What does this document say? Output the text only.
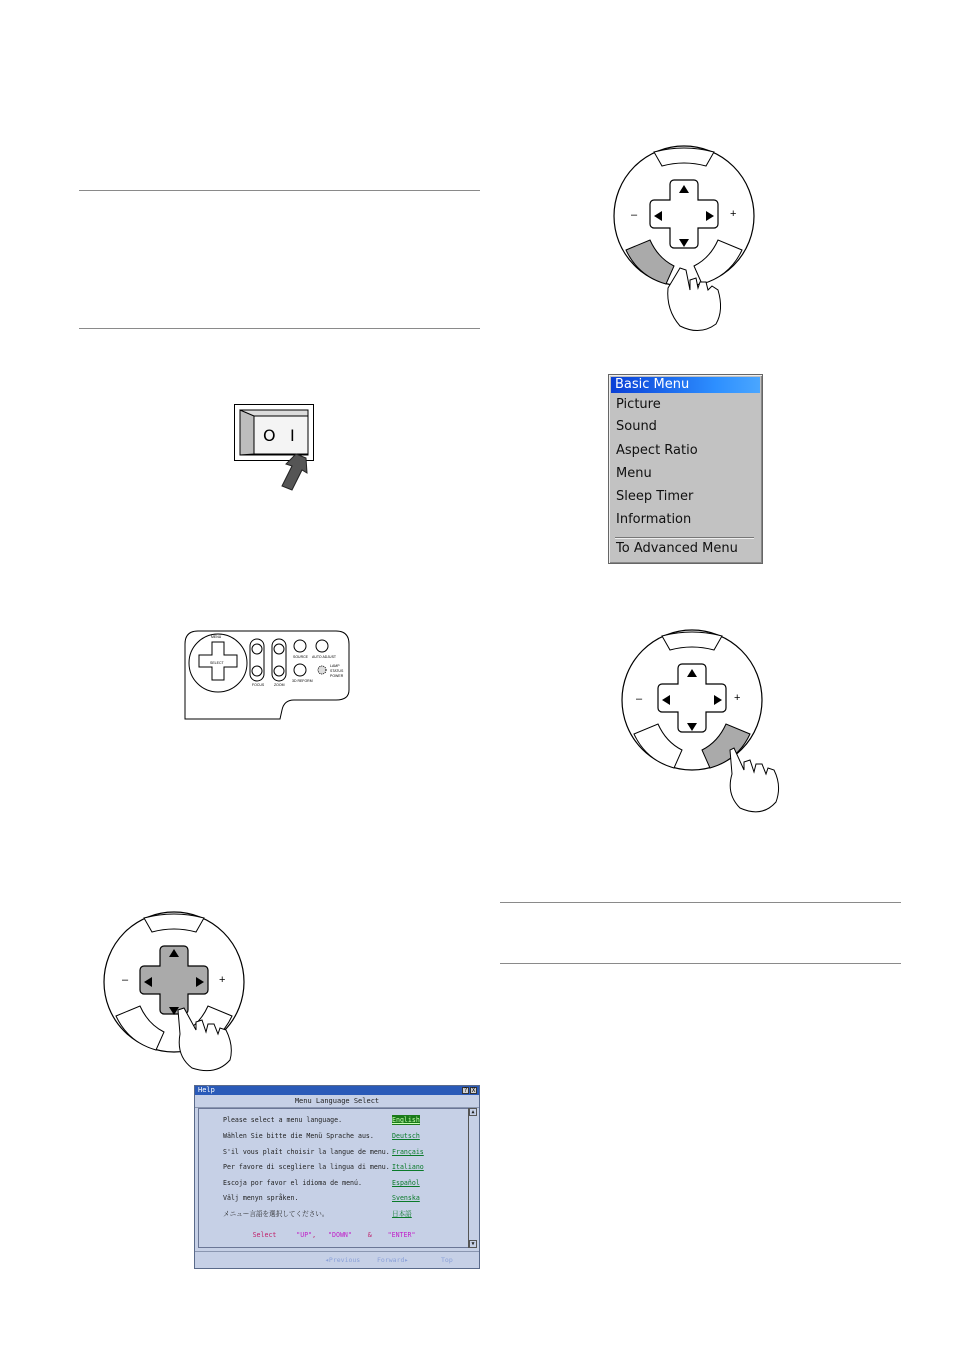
O I
MENU
SELECT
SOURCE AUTO ADJUST
FOCUS	ZOOM
3D REFORM
LAMP
STATUS
POWER
–	+
Basic Menu
Picture
Sound
Aspect Ratio
Menu
Sleep Timer
Information
To Advanced Menu
–	+
–	+
Help	? X
Menu Language Select
Please select a menu language.	English
Wählen Sie bitte die Menü Sprache aus.	Deutsch
S'il vous plaît choisir la langue de menu. Français
Per favore di scegliere la lingua di menu. Italiano
Escoja por favor el idioma de menú.	Español
Välj menyn språken.	Svenska
メニュー言語を選択してください。	日本語
Select	"UP", "DOWN" & "ENTER"
▲
▼
◂Previous	Forward▸	Top
